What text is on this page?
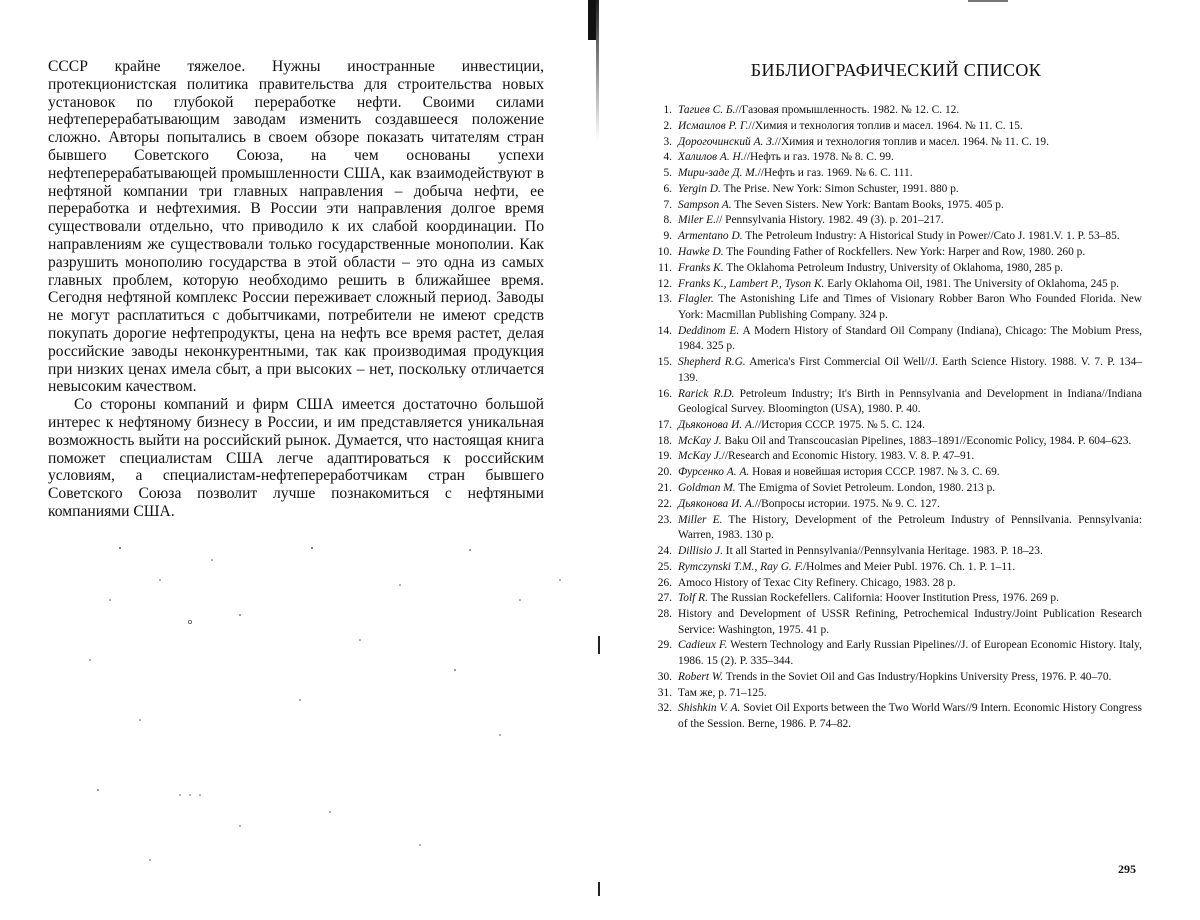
СССР крайне тяжелое. Нужны иностранные инвестиции, протекционистская политика правительства для строительства новых установок по глубокой переработке нефти. Своими силами нефтеперерабатывающим заводам изменить создавшееся положение сложно. Авторы попытались в своем обзоре показать читателям стран бывшего Советского Союза, на чем основаны успехи нефтеперерабатывающей промышленности США, как взаимодействуют в нефтяной компании три главных направления – добыча нефти, ее переработка и нефтехимия. В России эти направления долгое время существовали отдельно, что приводило к их слабой координации. По направлениям же существовали только государственные монополии. Как разрушить монополию государства в этой области – это одна из самых главных проблем, которую необходимо решить в ближайшее время. Сегодня нефтяной комплекс России переживает сложный период. Заводы не могут расплатиться с добытчиками, потребители не имеют средств покупать дорогие нефтепродукты, цена на нефть все время растет, делая российские заводы неконкурентными, так как производимая продукция при низких ценах имела сбыт, а при высоких – нет, поскольку отличается невысоким качеством.

Со стороны компаний и фирм США имеется достаточно большой интерес к нефтяному бизнесу в России, и им представляется уникальная возможность выйти на российский рынок. Думается, что настоящая книга поможет специалистам США легче адаптироваться к российским условиям, а специалистам-нефтепереработчикам стран бывшего Советского Союза позволит лучше познакомиться с нефтяными компаниями США.

БИБЛИОГРАФИЧЕСКИЙ СПИСОК
1. Тагиев С. Б.//Газовая промышленность. 1982. № 12. С. 12.
2. Исмаилов Р. Г.//Химия и технология топлив и масел. 1964. № 11. С. 15.
3. Дорогочинский А. З.//Химия и технология топлив и масел. 1964. № 11. С. 19.
4. Халилов А. Н.//Нефть и газ. 1978. № 8. С. 99.
5. Мири-заде Д. М.//Нефть и газ. 1969. № 6. С. 111.
6. Yergin D. The Prise. New York: Simon Schuster, 1991. 880 p.
7. Sampson A. The Seven Sisters. New York: Bantam Books, 1975. 405 p.
8. Miler E.// Pennsylvania History. 1982. 49 (3). p. 201–217.
9. Armentano D. The Petroleum Industry: A Historical Study in Power//Cato J. 1981.V. 1. P. 53–85.
10. Hawke D. The Founding Father of Rockfellers. New York: Harper and Row, 1980. 260 p.
11. Franks K. The Oklahoma Petroleum Industry, University of Oklahoma, 1980, 285 p.
12. Franks K., Lambert P., Tyson K. Early Oklahoma Oil, 1981. The University of Oklahoma, 245 p.
13. Flagler. The Astonishing Life and Times of Visionary Robber Baron Who Founded Florida. New York: Macmillan Publishing Company. 324 p.
14. Deddinom E. A Modern History of Standard Oil Company (Indiana), Chicago: The Mobium Press, 1984. 325 p.
15. Shepherd R.G. America's First Commercial Oil Well//J. Earth Science History. 1988. V. 7. P. 134–139.
16. Rarick R.D. Petroleum Industry; It's Birth in Pennsylvania and Development in Indiana//Indiana Geological Survey. Bloomington (USA), 1980. P. 40.
17. Дьяконова И. А.//История СССР. 1975. № 5. С. 124.
18. McKay J. Baku Oil and Transcoucasian Pipelines, 1883–1891//Economic Policy, 1984. P. 604–623.
19. McKay J.//Research and Economic History. 1983. V. 8. P. 47–91.
20. Фурсенко А. А. Новая и новейшая история СССР. 1987. № 3. С. 69.
21. Goldman M. The Emigma of Soviet Petroleum. London, 1980. 213 p.
22. Дьяконова И. А.//Вопросы истории. 1975. № 9. С. 127.
23. Miller E. The History, Development of the Petroleum Industry of Pennsilvania. Pennsylvania: Warren, 1983. 130 p.
24. Dillisio J. It all Started in Pennsylvania//Pennsylvania Heritage. 1983. P. 18–23.
25. Rymczynski T.M., Ray G. F./Holmes and Meier Publ. 1976. Ch. 1. P. 1–11.
26. Amoco History of Texac City Refinery. Chicago, 1983. 28 p.
27. Tolf R. The Russian Rockefellers. California: Hoover Institution Press, 1976. 269 p.
28. History and Development of USSR Refining, Petrochemical Industry/Joint Publication Research Service: Washington, 1975. 41 p.
29. Cadieux F. Western Technology and Early Russian Pipelines//J. of European Economic History. Italy, 1986. 15 (2). P. 335–344.
30. Robert W. Trends in the Soviet Oil and Gas Industry/Hopkins University Press, 1976. P. 40–70.
31. Там же, р. 71–125.
32. Shishkin V. A. Soviet Oil Exports between the Two World Wars//9 Intern. Economic History Congress of the Session. Berne, 1986. P. 74–82.
295
